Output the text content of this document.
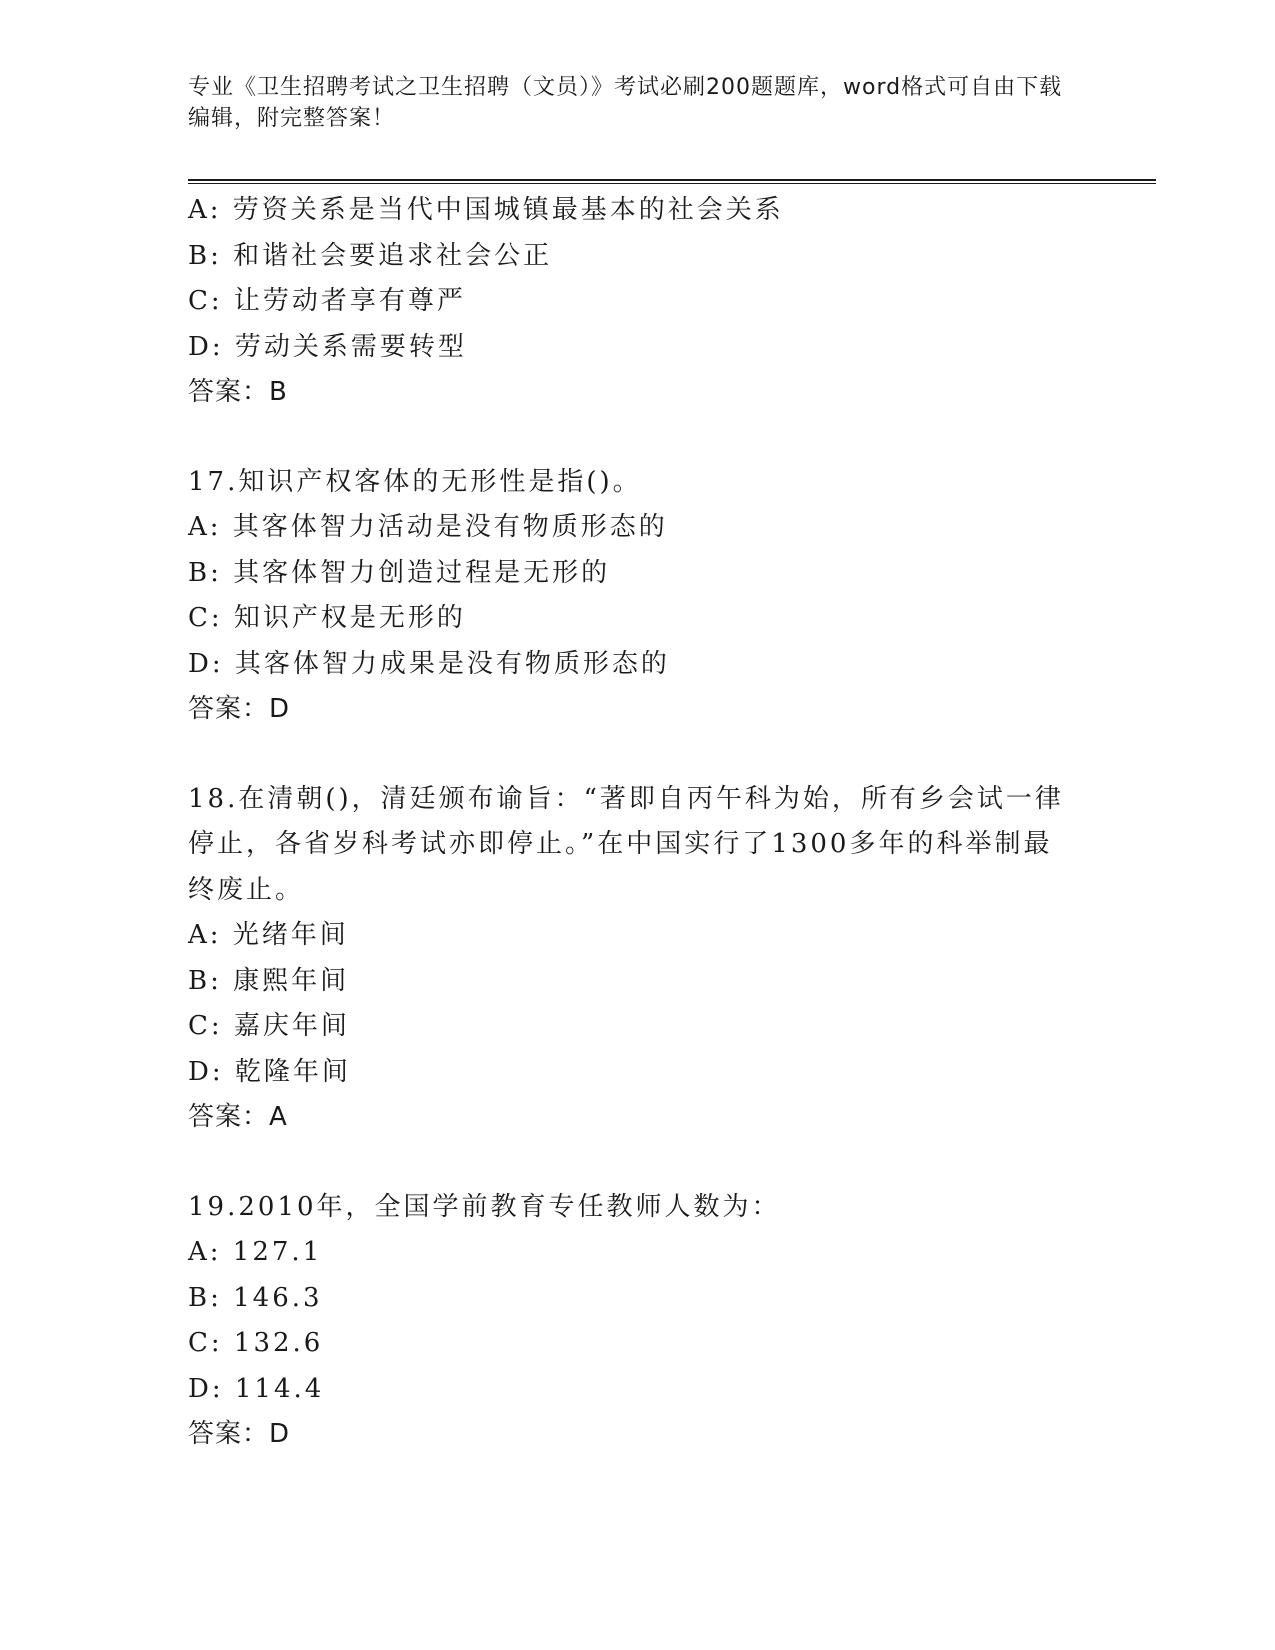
专业《卫生招聘考试之卫生招聘（文员）》考试必刷200题题库，word格式可自由下载编辑，附完整答案！
A: 劳资关系是当代中国城镇最基本的社会关系
B: 和谐社会要追求社会公正
C: 让劳动者享有尊严
D: 劳动关系需要转型
答案：B
17.知识产权客体的无形性是指()。
A: 其客体智力活动是没有物质形态的
B: 其客体智力创造过程是无形的
C: 知识产权是无形的
D: 其客体智力成果是没有物质形态的
答案：D
18.在清朝()，清廷颁布谕旨：“著即自丙午科为始，所有乡会试一律停止，各省岁科考试亦即停止。”在中国实行了1300多年的科举制最终废止。
A: 光绪年间
B: 康熙年间
C: 嘉庆年间
D: 乾隆年间
答案：A
19.2010年，全国学前教育专任教师人数为：
A: 127.1
B: 146.3
C: 132.6
D: 114.4
答案：D
